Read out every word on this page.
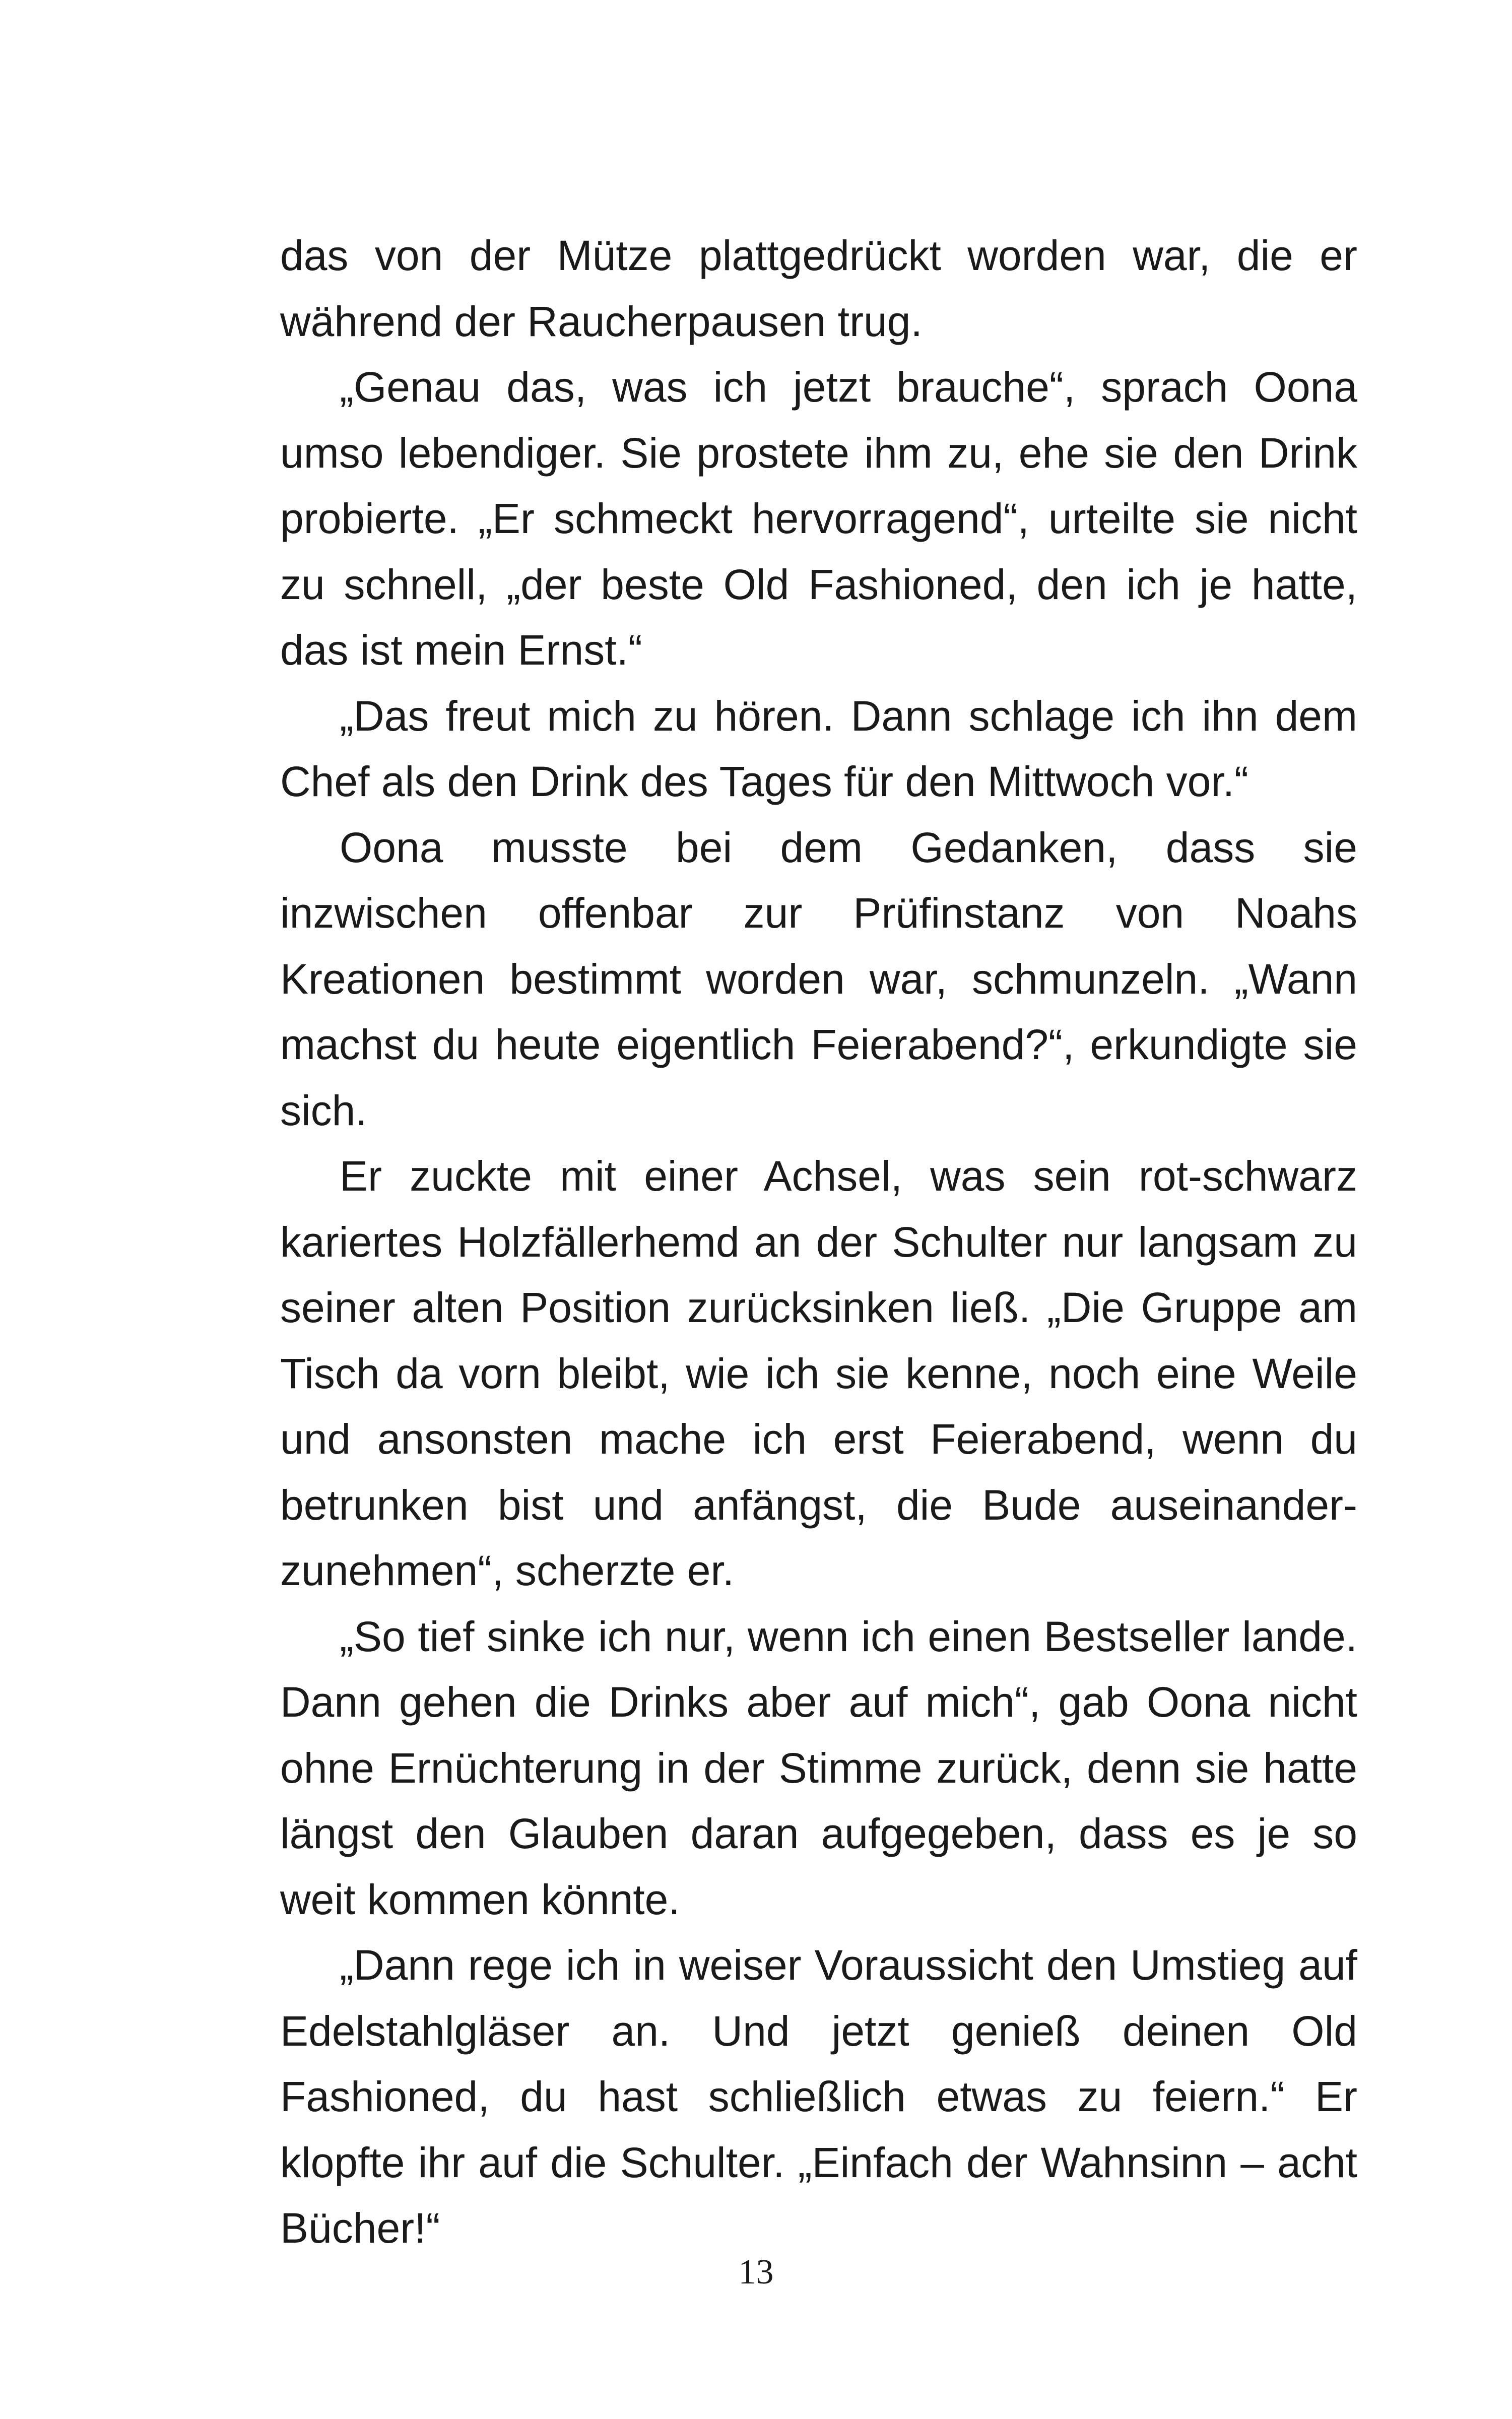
das von der Mütze plattgedrückt worden war, die er während der Raucherpausen trug.

„Genau das, was ich jetzt brauche“, sprach Oona umso lebendiger. Sie prostete ihm zu, ehe sie den Drink probierte. „Er schmeckt hervorragend“, urteilte sie nicht zu schnell, „der beste Old Fashioned, den ich je hatte, das ist mein Ernst.“

„Das freut mich zu hören. Dann schlage ich ihn dem Chef als den Drink des Tages für den Mittwoch vor.“

Oona musste bei dem Gedanken, dass sie inzwischen offenbar zur Prüfinstanz von Noahs Kreationen bestimmt worden war, schmunzeln. „Wann machst du heute eigentlich Feierabend?“, erkundigte sie sich.

Er zuckte mit einer Achsel, was sein rot-schwarz kariertes Holzfällerhemd an der Schulter nur langsam zu seiner alten Position zurücksinken ließ. „Die Gruppe am Tisch da vorn bleibt, wie ich sie kenne, noch eine Weile und ansonsten mache ich erst Feierabend, wenn du betrunken bist und anfängst, die Bude auseinanderzunehmen“, scherzte er.

„So tief sinke ich nur, wenn ich einen Bestseller lande. Dann gehen die Drinks aber auf mich“, gab Oona nicht ohne Ernüchterung in der Stimme zurück, denn sie hatte längst den Glauben daran aufgegeben, dass es je so weit kommen könnte.

„Dann rege ich in weiser Voraussicht den Umstieg auf Edelstahlgläser an. Und jetzt genieß deinen Old Fashioned, du hast schließlich etwas zu feiern.“ Er klopfte ihr auf die Schulter. „Einfach der Wahnsinn – acht Bücher!“

13
